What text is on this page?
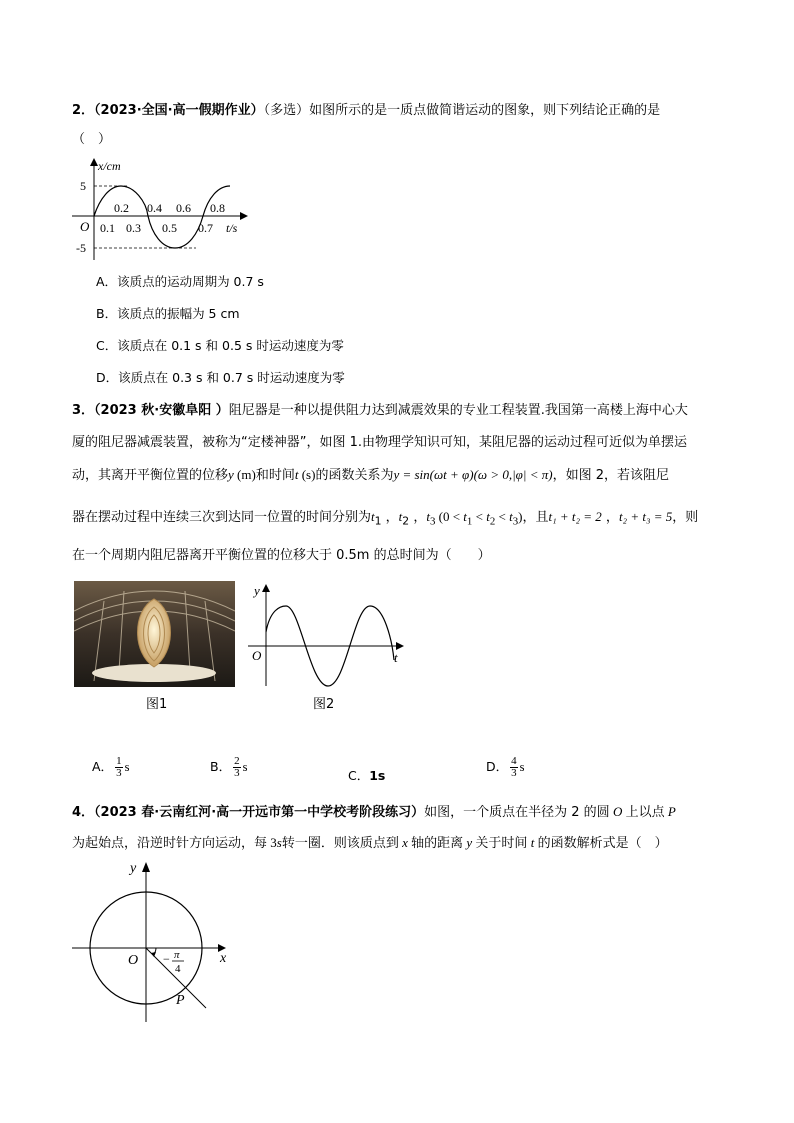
2．（2023·全国·高一假期作业）（多选）如图所示的是一质点做简谐运动的图象，则下列结论正确的是
（　）
x/cm
5
-5
O
0.2 0.4 0.6 0.8
0.1 0.3 0.5 0.7 t/s
A．该质点的运动周期为 0.7 s
B．该质点的振幅为 5 cm
C．该质点在 0.1 s 和 0.5 s 时运动速度为零
D．该质点在 0.3 s 和 0.7 s 时运动速度为零
3．（2023 秋·安徽阜阳 ）阻尼器是一种以提供阻力达到减震效果的专业工程装置.我国第一高楼上海中心大
厦的阻尼器减震装置，被称为“定楼神器”，如图 1.由物理学知识可知，某阻尼器的运动过程可近似为单摆运
动，其离开平衡位置的位移y (m)和时间t (s)的函数关系为y = sin(ωt + φ)(ω > 0,|φ| < π)，如图 2，若该阻尼
器在摆动过程中连续三次到达同一位置的时间分别为$t_1$ ，$t_2$ ，$t_3$ $(0 < t_1 < t_2 < t_3)$，且t₁ + t₂ = 2 ，t₂ + t₃ = 5，则
在一个周期内阻尼器离开平衡位置的位移大于 0.5m 的总时间为（　　）
图1
y
O	t
图2
A． $\frac{1}{3}$ s	B． $\frac{2}{3}$ s
C．1s
D． $\frac{4}{3}$ s
4．（2023 春·云南红河·高一开远市第一中学校考阶段练习）如图，一个质点在半径为 2 的圆 O 上以点 P
为起始点，沿逆时针方向运动，每 3s转一圈．则该质点到 x 轴的距离 y 关于时间 t 的函数解析式是（　）
y
O	x
P
− π
4
